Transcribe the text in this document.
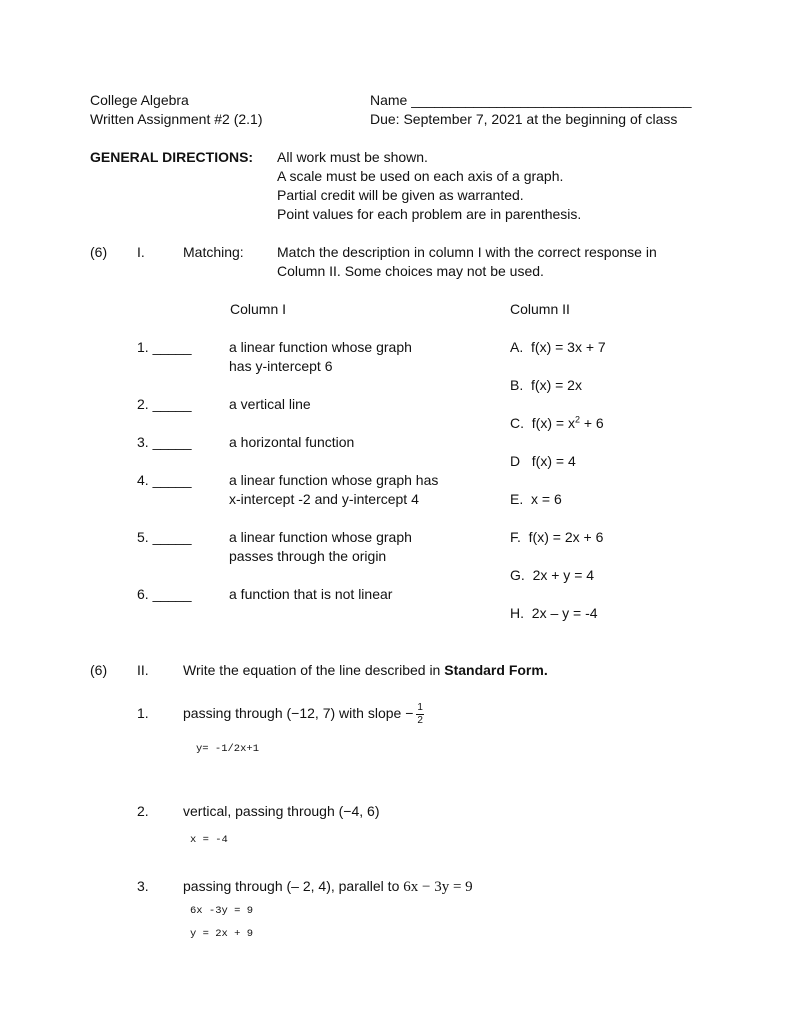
College Algebra
Written Assignment #2 (2.1)
Name ____________________________________
Due: September 7, 2021 at the beginning of class
GENERAL DIRECTIONS: All work must be shown.
A scale must be used on each axis of a graph.
Partial credit will be given as warranted.
Point values for each problem are in parenthesis.
(6) I.	Matching: Match the description in column I with the correct response in
Column II. Some choices may not be used.
Column I	Column II
1. _____	a linear function whose graph
has y-intercept 6
2. _____	a vertical line
3. _____	a horizontal function
4. _____	a linear function whose graph has
x-intercept -2 and y-intercept 4
5. _____	a linear function whose graph
passes through the origin
6. _____	a function that is not linear
A. f(x) = 3x + 7
B. f(x) = 2x
C. $f(x) = x^2 + 6$
D f(x) = 4
E. x = 6
F. f(x) = 2x + 6
G. 2x + y = 4
H. 2x – y = -4
(6) II. Write the equation of the line described in Standard Form.
1. passing through (−12, 7) with slope − $\frac{1}{2}$
y= -1/2x+1
2. vertical, passing through (−4, 6)
x = -4
3. passing through (– 2, 4), parallel to 6x − 3y = 9
6x -3y = 9
y = 2x + 9
